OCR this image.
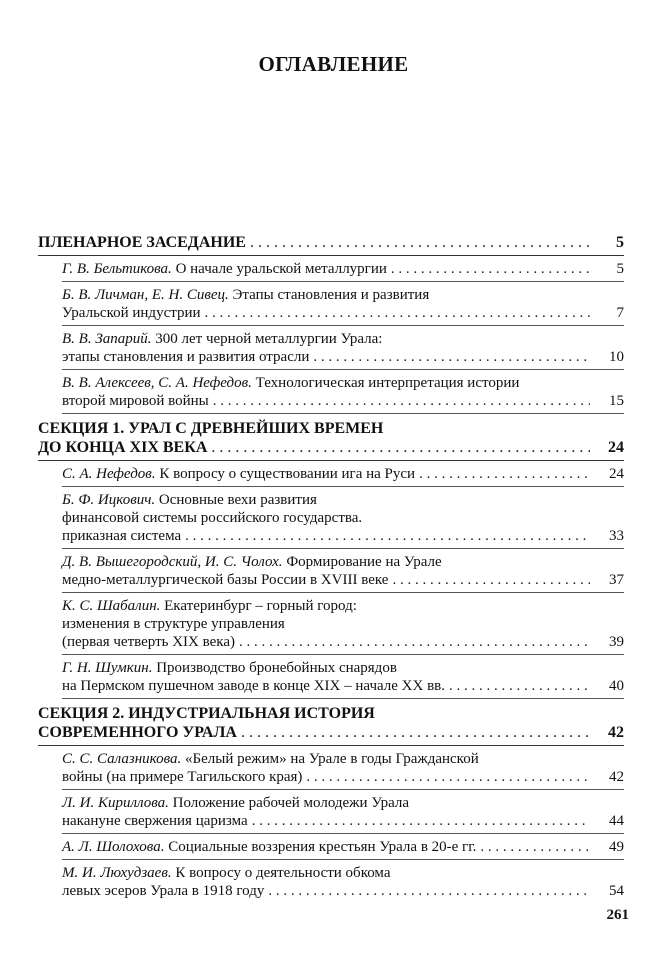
ОГЛАВЛЕНИЕ
ПЛЕНАРНОЕ ЗАСЕДАНИЕ . . .	5
Г. В. Бельтикова. О начале уральской металлургии . . .	5
Б. В. Личман, Е. Н. Сивец. Этапы становления и развития
Уральской индустрии . . .	7
В. В. Запарий. 300 лет черной металлургии Урала:
этапы становления и развития отрасли . . .	10
В. В. Алексеев, С. А. Нефедов. Технологическая интерпретация истории
второй мировой войны . . .	15
СЕКЦИЯ 1. УРАЛ С ДРЕВНЕЙШИХ ВРЕМЕН
ДО КОНЦА XIX ВЕКА . . .	24
С. А. Нефедов. К вопросу о существовании ига на Руси . . .	24
Б. Ф. Ицкович. Основные вехи развития
финансовой системы российского государства.
приказная система . . .	33
Д. В. Вышегородский, И. С. Чолох. Формирование на Урале
медно-металлургической базы России в XVIII веке . . .	37
К. С. Шабалин. Екатеринбург – горный город:
изменения в структуре управления
(первая четверть XIX века) . . .	39
Г. Н. Шумкин. Производство бронебойных снарядов
на Пермском пушечном заводе в конце XIX – начале XX вв. . . .	40
СЕКЦИЯ 2. ИНДУСТРИАЛЬНАЯ ИСТОРИЯ
СОВРЕМЕННОГО УРАЛА . . .	42
С. С. Салазникова. «Белый режим» на Урале в годы Гражданской
войны (на примере Тагильского края) . . .	42
Л. И. Кириллова. Положение рабочей молодежи Урала
накануне свержения царизма . . .	44
А. Л. Шолохова. Социальные воззрения крестьян Урала в 20-е гг. . . .	49
М. И. Люхудзаев. К вопросу о деятельности обкома
левых эсеров Урала в 1918 году . . .	54
261
